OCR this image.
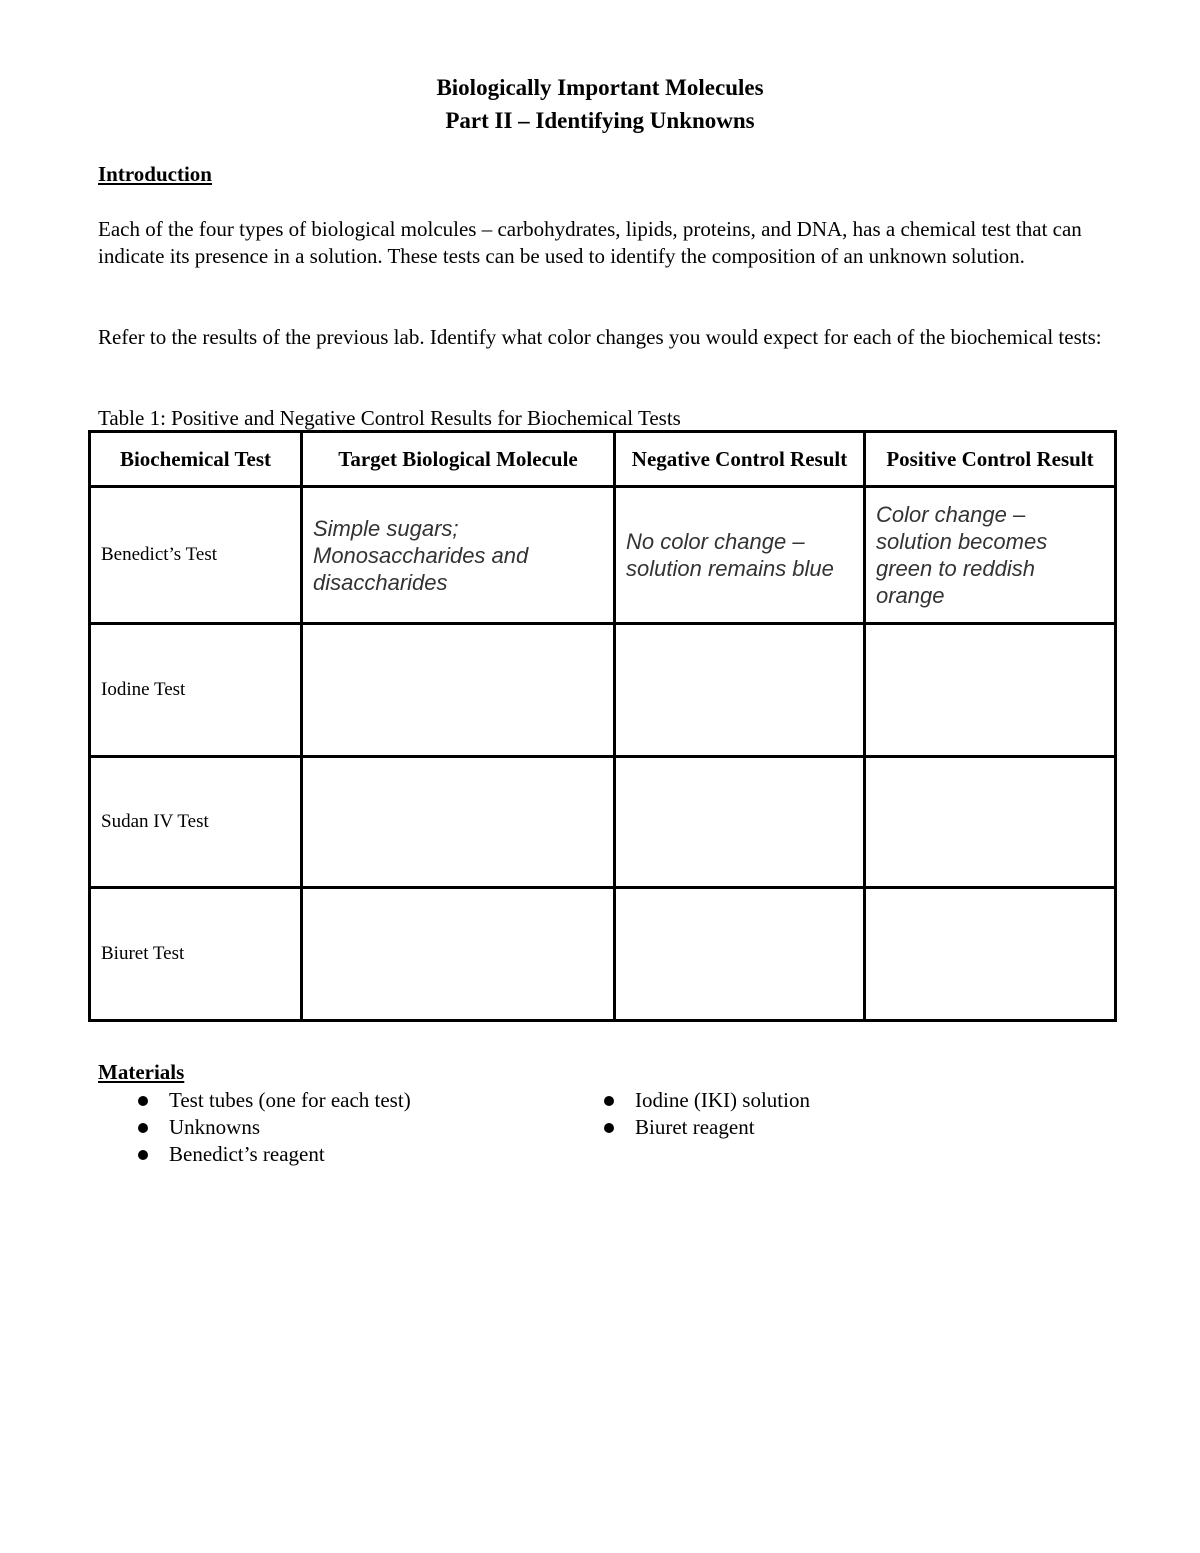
Biologically Important Molecules
Part II – Identifying Unknowns
Introduction

Each of the four types of biological molcules – carbohydrates, lipids, proteins, and DNA, has a chemical test that can indicate its presence in a solution. These tests can be used to identify the composition of an unknown solution.

Refer to the results of the previous lab. Identify what color changes you would expect for each of the biochemical tests:

Table 1: Positive and Negative Control Results for Biochemical Tests
Biochemical Test	Target Biological Molecule	Negative Control Result	Positive Control Result
Benedict’s Test	Simple sugars; Monosaccharides and disaccharides	No color change – solution remains blue	Color change – solution becomes green to reddish orange
Iodine Test			
Sudan IV Test			
Biuret Test			
Materials
Test tubes (one for each test)
Unknowns
Benedict’s reagent
Iodine (IKI) solution
Biuret reagent
